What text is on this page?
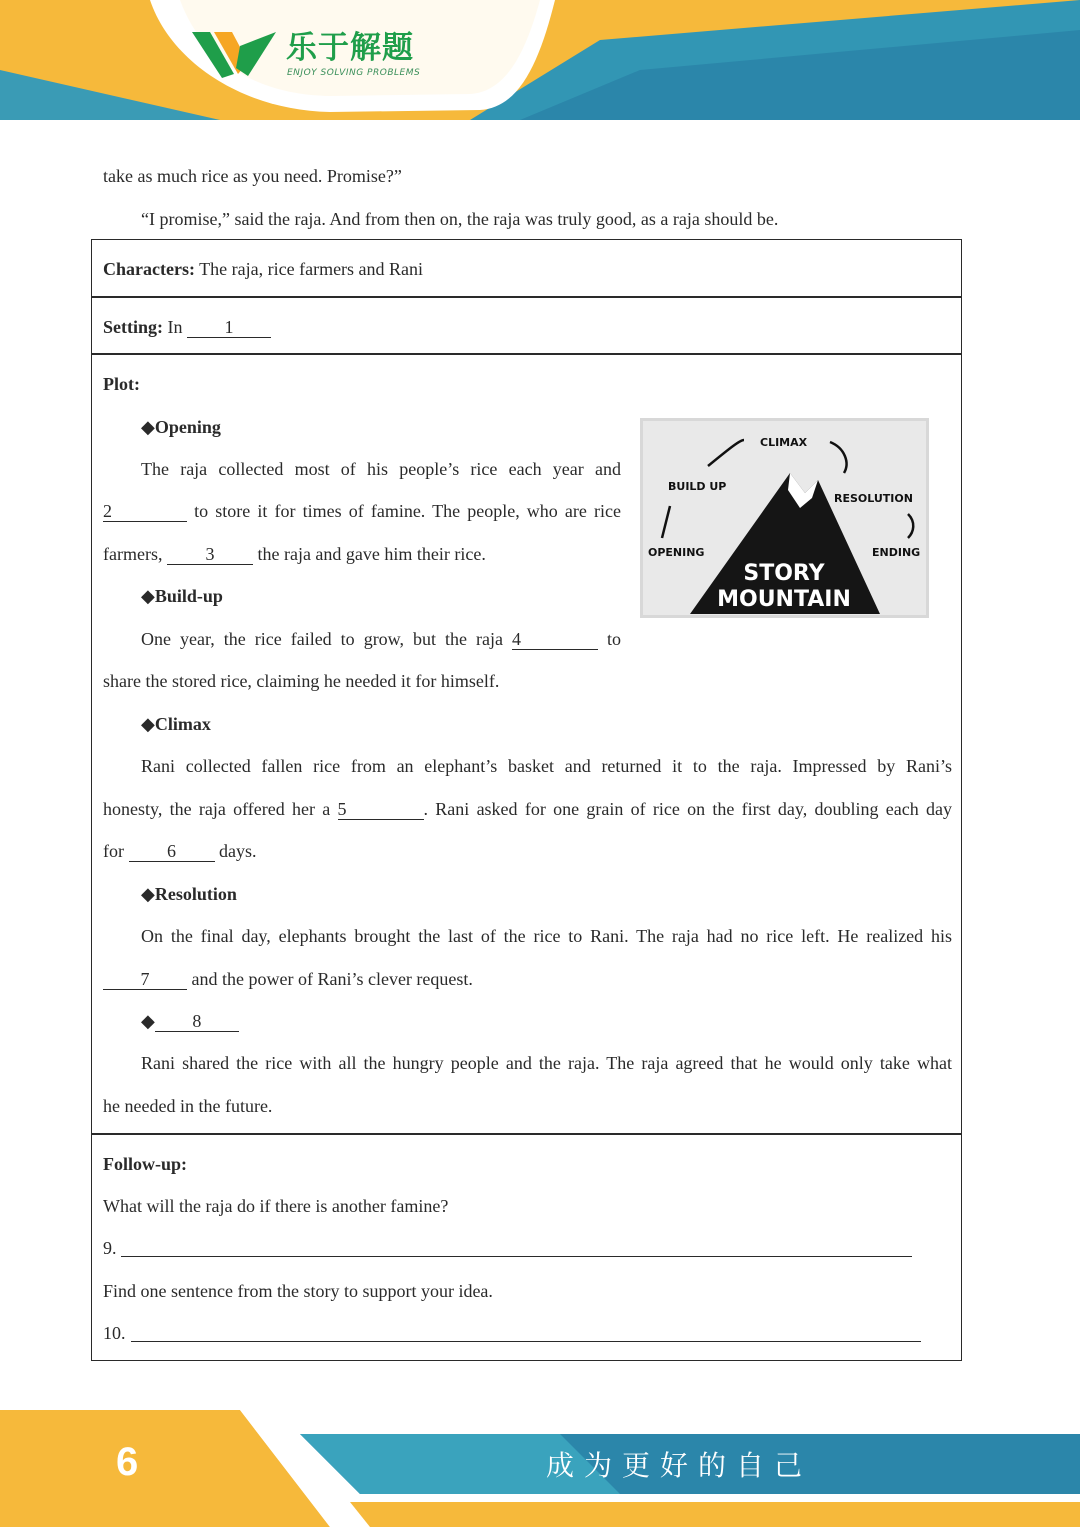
乐于解题
ENJOY SOLVING PROBLEMS
take as much rice as you need. Promise?”
“I promise,” said the raja. And from then on, the raja was truly good, as a raja should be.
Characters: The raja, rice farmers and Rani
Setting: In 1
Plot:
◆Opening
The raja collected most of his people’s rice each year and
2	to store it for times of famine. The people, who are rice
farmers, 3 the raja and gave him their rice.
◆Build-up
One year, the rice failed to grow, but the raja 4	to
share the stored rice, claiming he needed it for himself.
CLIMAX
BUILD UP
RESOLUTION
OPENING	ENDING
STORY
MOUNTAIN
◆Climax
Rani collected fallen rice from an elephant’s basket and returned it to the raja. Impressed by Rani’s
honesty, the raja offered her a 5	. Rani asked for one grain of rice on the first day, doubling each day
for 6 days.
◆Resolution
On the final day, elephants brought the last of the rice to Rani. The raja had no rice left. He realized his
7 and the power of Rani’s clever request.
◆ 8
Rani shared the rice with all the hungry people and the raja. The raja agreed that he would only take what
he needed in the future.
Follow-up:
What will the raja do if there is another famine?
9.
Find one sentence from the story to support your idea.
10.
6	成为更好的自己
